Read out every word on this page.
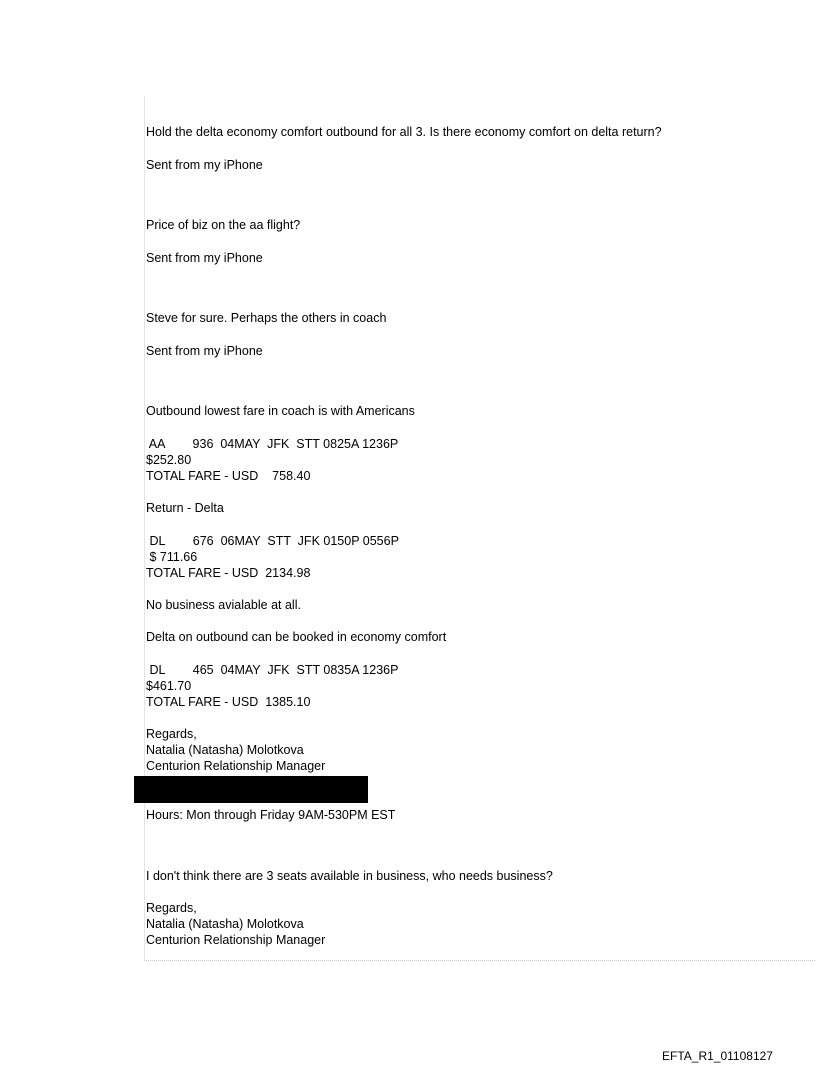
Hold the delta economy comfort outbound for all 3. Is there economy comfort on delta return?
Sent from my iPhone
Price of biz on the aa flight?
Sent from my iPhone
Steve for sure. Perhaps the others in coach
Sent from my iPhone
Outbound lowest fare in coach is with Americans
AA        936  04MAY  JFK  STT 0825A 1236P
$252.80
TOTAL FARE - USD    758.40
Return - Delta
DL        676  06MAY  STT  JFK 0150P 0556P
$ 711.66
TOTAL FARE - USD  2134.98
No business avialable at all.
Delta on outbound can be booked in economy comfort
DL        465  04MAY  JFK  STT 0835A 1236P
$461.70
TOTAL FARE - USD  1385.10
Regards,
Natalia (Natasha) Molotkova
Centurion Relationship Manager
Hours: Mon through Friday 9AM-530PM EST
I don't think there are 3 seats available in business, who needs business?
Regards,
Natalia (Natasha) Molotkova
Centurion Relationship Manager
EFTA_R1_01108127
